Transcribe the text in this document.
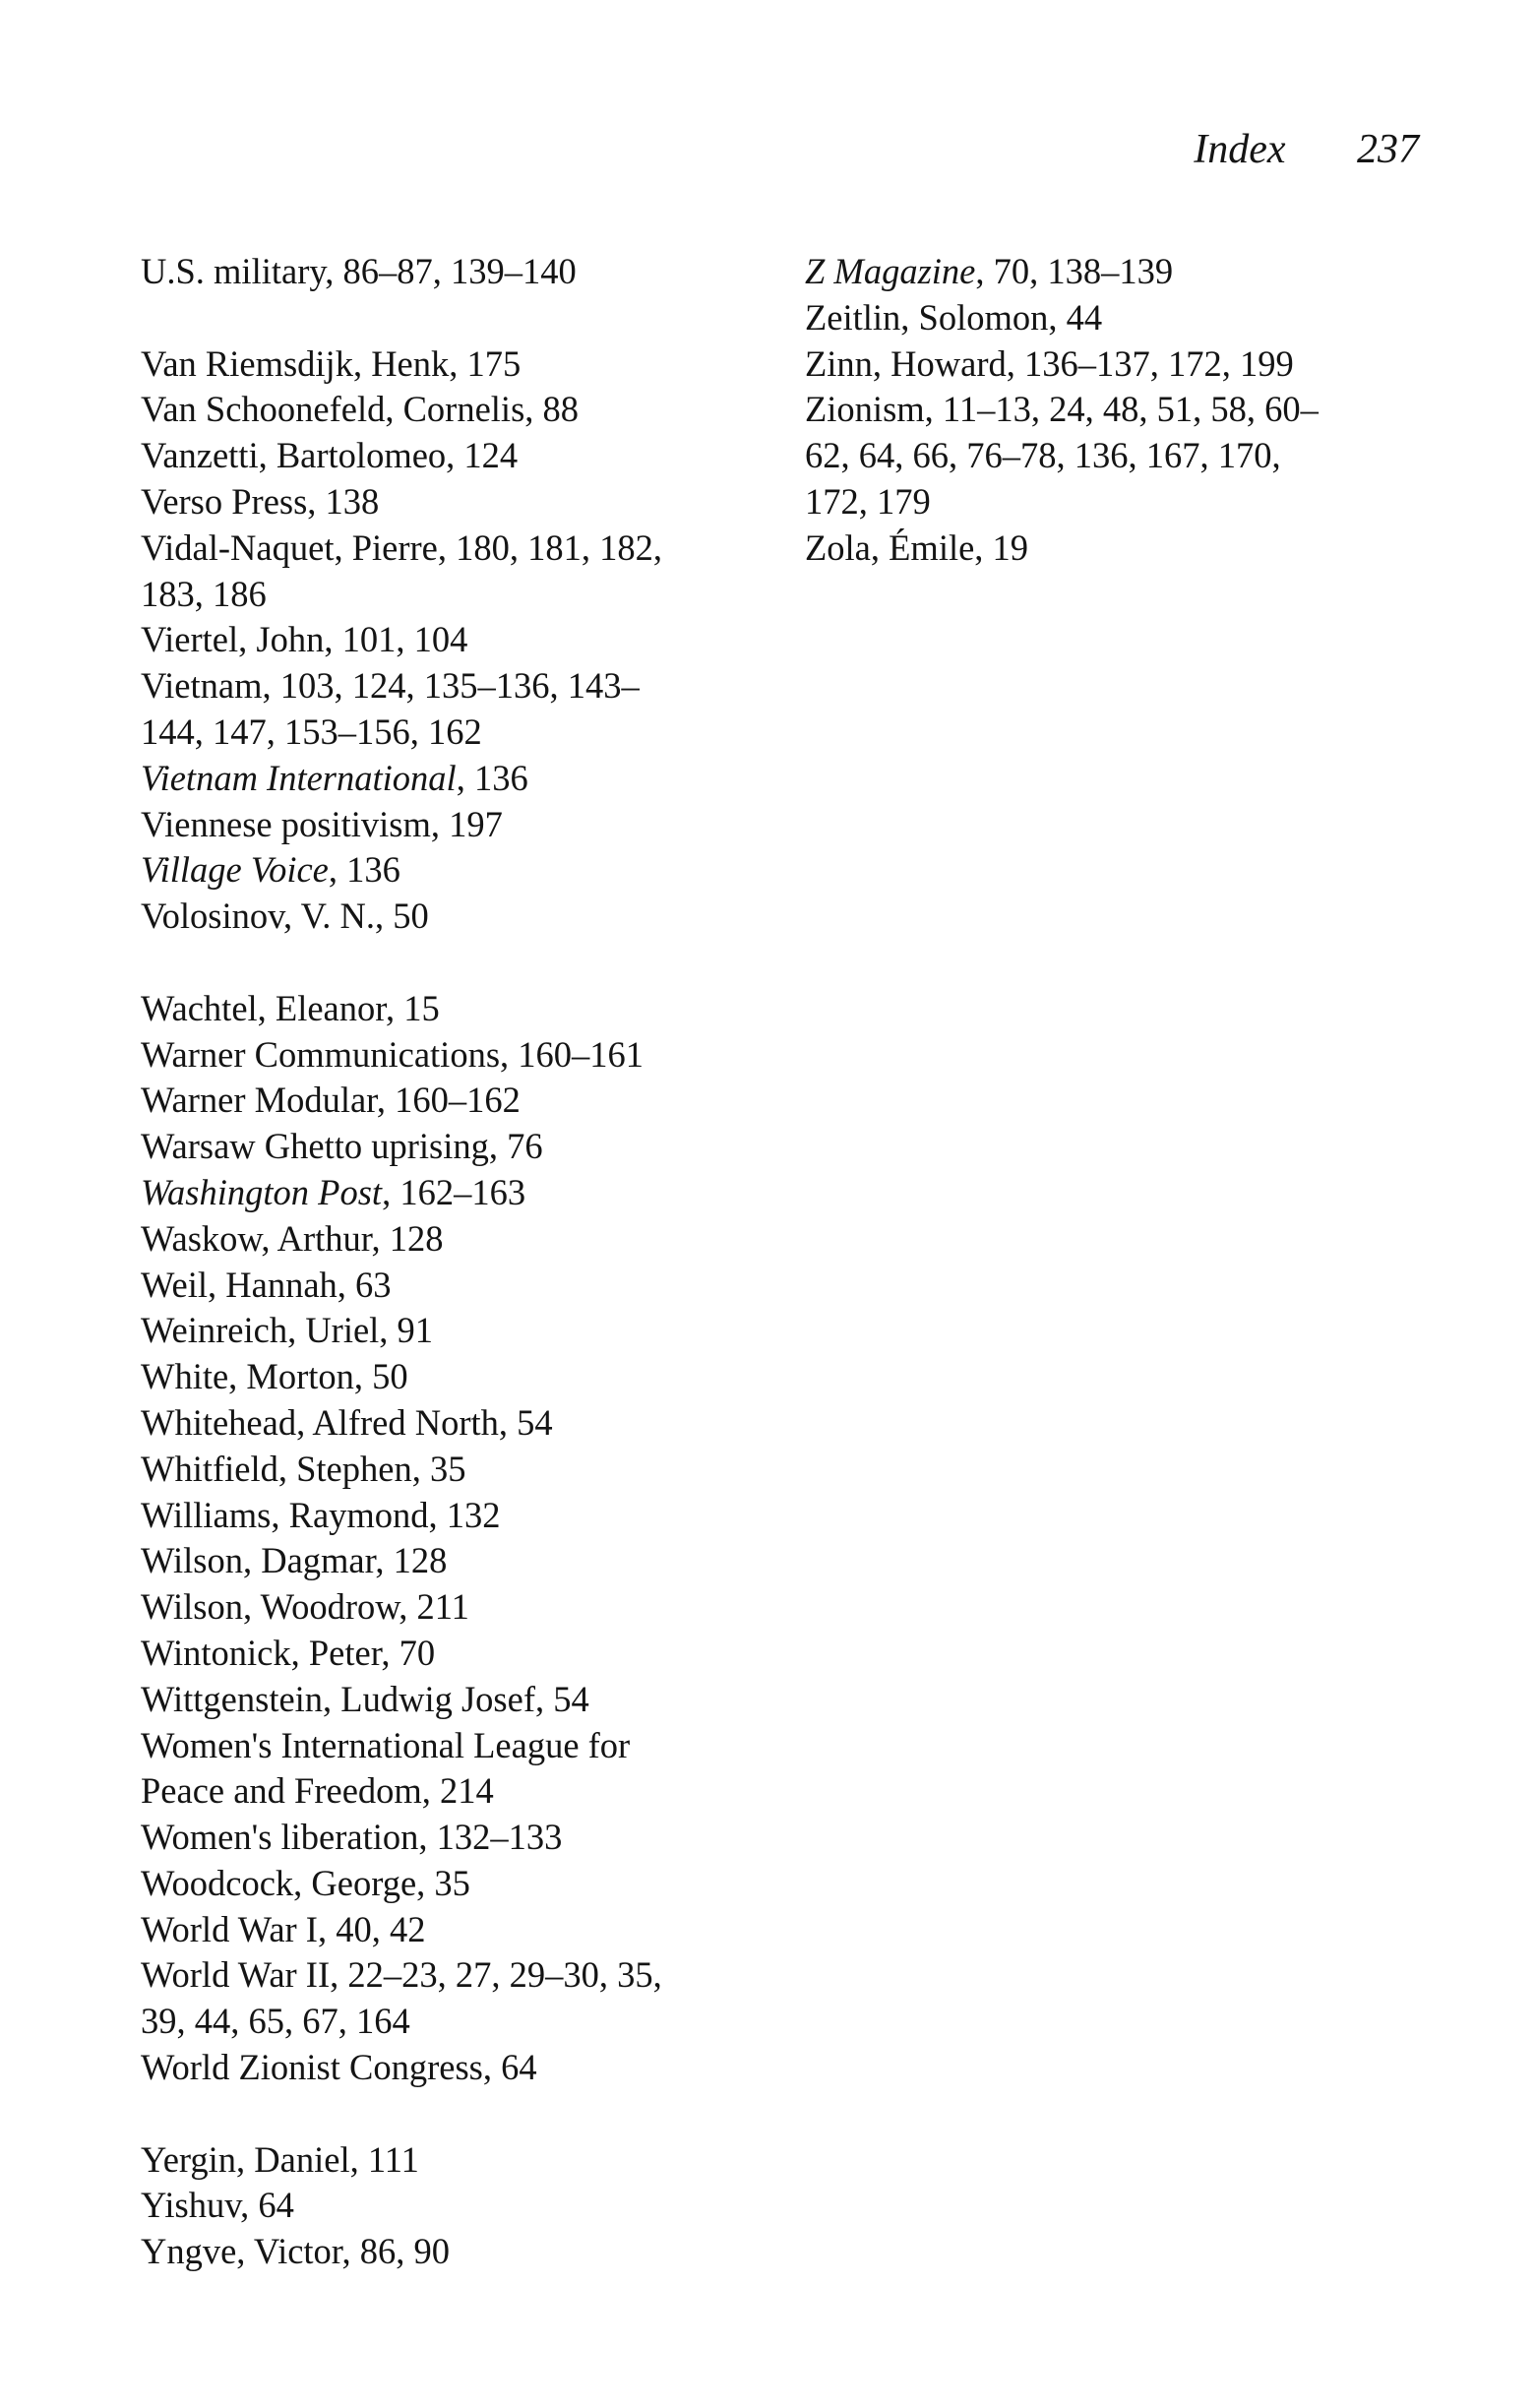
Index 237
U.S. military, 86–87, 139–140
Van Riemsdijk, Henk, 175
Van Schoonefeld, Cornelis, 88
Vanzetti, Bartolomeo, 124
Verso Press, 138
Vidal-Naquet, Pierre, 180, 181, 182,
183, 186
Viertel, John, 101, 104
Vietnam, 103, 124, 135–136, 143–
144, 147, 153–156, 162
Vietnam International, 136
Viennese positivism, 197
Village Voice, 136
Volosinov, V. N., 50
Wachtel, Eleanor, 15
Warner Communications, 160–161
Warner Modular, 160–162
Warsaw Ghetto uprising, 76
Washington Post, 162–163
Waskow, Arthur, 128
Weil, Hannah, 63
Weinreich, Uriel, 91
White, Morton, 50
Whitehead, Alfred North, 54
Whitfield, Stephen, 35
Williams, Raymond, 132
Wilson, Dagmar, 128
Wilson, Woodrow, 211
Wintonick, Peter, 70
Wittgenstein, Ludwig Josef, 54
Women's International League for
Peace and Freedom, 214
Women's liberation, 132–133
Woodcock, George, 35
World War I, 40, 42
World War II, 22–23, 27, 29–30, 35,
39, 44, 65, 67, 164
World Zionist Congress, 64
Yergin, Daniel, 111
Yishuv, 64
Yngve, Victor, 86, 90
Z Magazine, 70, 138–139
Zeitlin, Solomon, 44
Zinn, Howard, 136–137, 172, 199
Zionism, 11–13, 24, 48, 51, 58, 60–
62, 64, 66, 76–78, 136, 167, 170,
172, 179
Zola, Émile, 19
